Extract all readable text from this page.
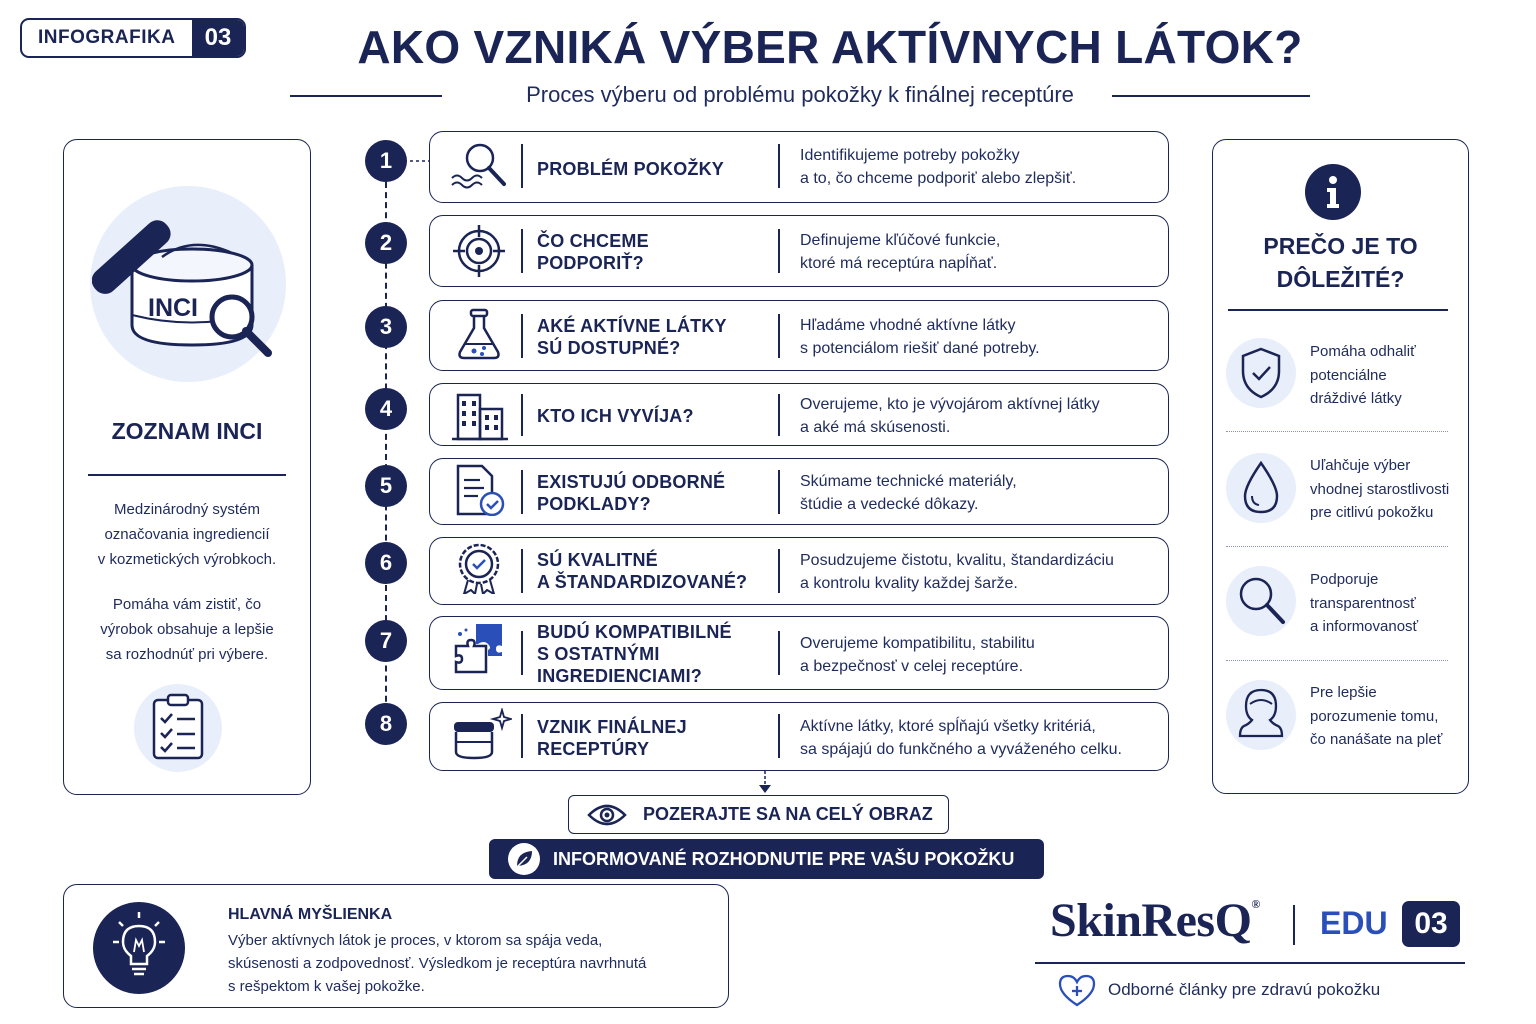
INFOGRAFIKA	03	AKO VZNIKÁ VÝBER AKTÍVNYCH LÁTOK?
Proces výberu od problému pokožky k finálnej receptúre
INCI
ZOZNAM INCI
Medzinárodný systém
označovania ingrediencií
v kozmetických výrobkoch.
Pomáha vám zistiť, čo
výrobok obsahuje a lepšie
sa rozhodnúť pri výbere.
1	PROBLÉM POKOŽKY
Identifikujeme potreby pokožky
a to, čo chceme podporiť alebo zlepšiť.
2	ČO CHCEME
PODPORIŤ?
Definujeme kľúčové funkcie,
ktoré má receptúra napĺňať.
3	AKÉ AKTÍVNE LÁTKY
SÚ DOSTUPNÉ?
Hľadáme vhodné aktívne látky
s potenciálom riešiť dané potreby.
4	KTO ICH VYVÍJA?
Overujeme, kto je vývojárom aktívnej látky
a aké má skúsenosti.
5	EXISTUJÚ ODBORNÉ
PODKLADY?
Skúmame technické materiály,
štúdie a vedecké dôkazy.
6	SÚ KVALITNÉ
A ŠTANDARDIZOVANÉ?
Posudzujeme čistotu, kvalitu, štandardizáciu
a kontrolu kvality každej šarže.
7	BUDÚ KOMPATIBILNÉ
S OSTATNÝMI
INGREDIENCIAMI?
Overujeme kompatibilitu, stabilitu
a bezpečnosť v celej receptúre.
8	VZNIK FINÁLNEJ
RECEPTÚRY
Aktívne látky, ktoré spĺňajú všetky kritériá,
sa spájajú do funkčného a vyváženého celku.
POZERAJTE SA NA CELÝ OBRAZ
INFORMOVANÉ ROZHODNUTIE PRE VAŠU POKOŽKU
PREČO JE TO
DÔLEŽITÉ?
Pomáha odhaliť
potenciálne
dráždivé látky
Uľahčuje výber
vhodnej starostlivosti
pre citlivú pokožku
Podporuje
transparentnosť
a informovanosť
Pre lepšie
porozumenie tomu,
čo nanášate na pleť
HLAVNÁ MYŠLIENKA
Výber aktívnych látok je proces, v ktorom sa spája veda,
skúsenosti a zodpovednosť. Výsledkom je receptúra navrhnutá
s rešpektom k vašej pokožke.
SkinResQ®
EDU 03
Odborné články pre zdravú pokožku
